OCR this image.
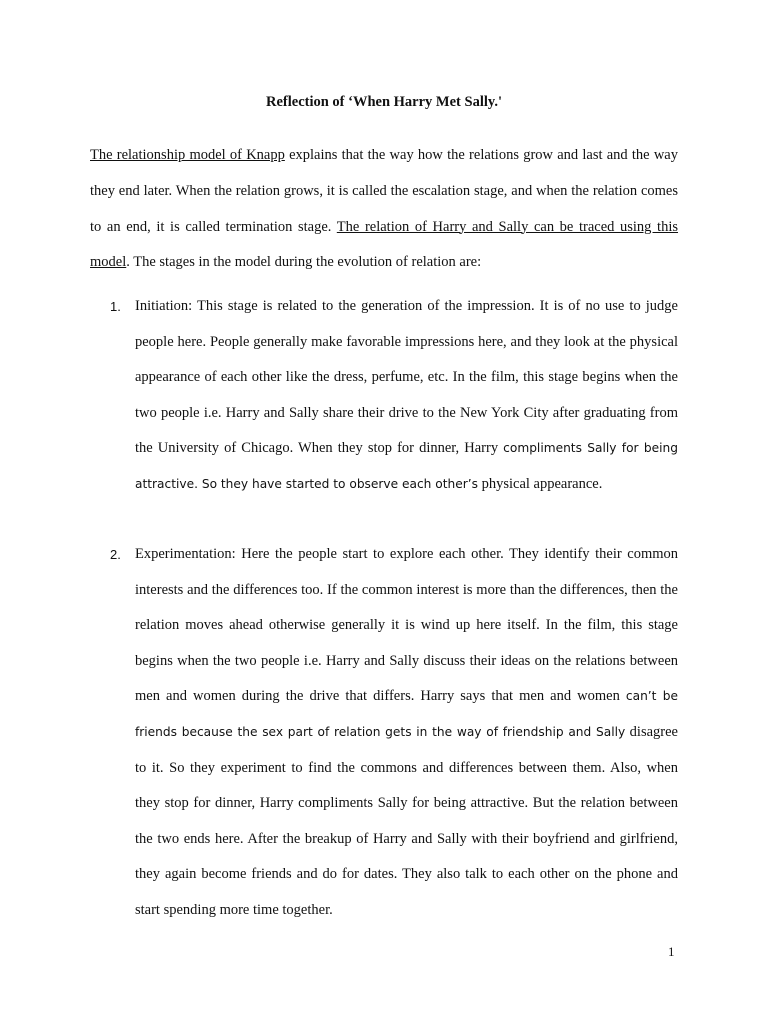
Reflection of ‘When Harry Met Sally.'
The relationship model of Knapp explains that the way how the relations grow and last and the way they end later. When the relation grows, it is called the escalation stage, and when the relation comes to an end, it is called termination stage. The relation of Harry and Sally can be traced using this model. The stages in the model during the evolution of relation are:
1. Initiation: This stage is related to the generation of the impression. It is of no use to judge people here. People generally make favorable impressions here, and they look at the physical appearance of each other like the dress, perfume, etc. In the film, this stage begins when the two people i.e. Harry and Sally share their drive to the New York City after graduating from the University of Chicago. When they stop for dinner, Harry compliments Sally for being attractive. So they have started to observe each other’s physical appearance.
2. Experimentation: Here the people start to explore each other. They identify their common interests and the differences too. If the common interest is more than the differences, then the relation moves ahead otherwise generally it is wind up here itself. In the film, this stage begins when the two people i.e. Harry and Sally discuss their ideas on the relations between men and women during the drive that differs. Harry says that men and women can’t be friends because the sex part of relation gets in the way of friendship and Sally disagree to it. So they experiment to find the commons and differences between them. Also, when they stop for dinner, Harry compliments Sally for being attractive. But the relation between the two ends here. After the breakup of Harry and Sally with their boyfriend and girlfriend, they again become friends and do for dates. They also talk to each other on the phone and start spending more time together.
1
